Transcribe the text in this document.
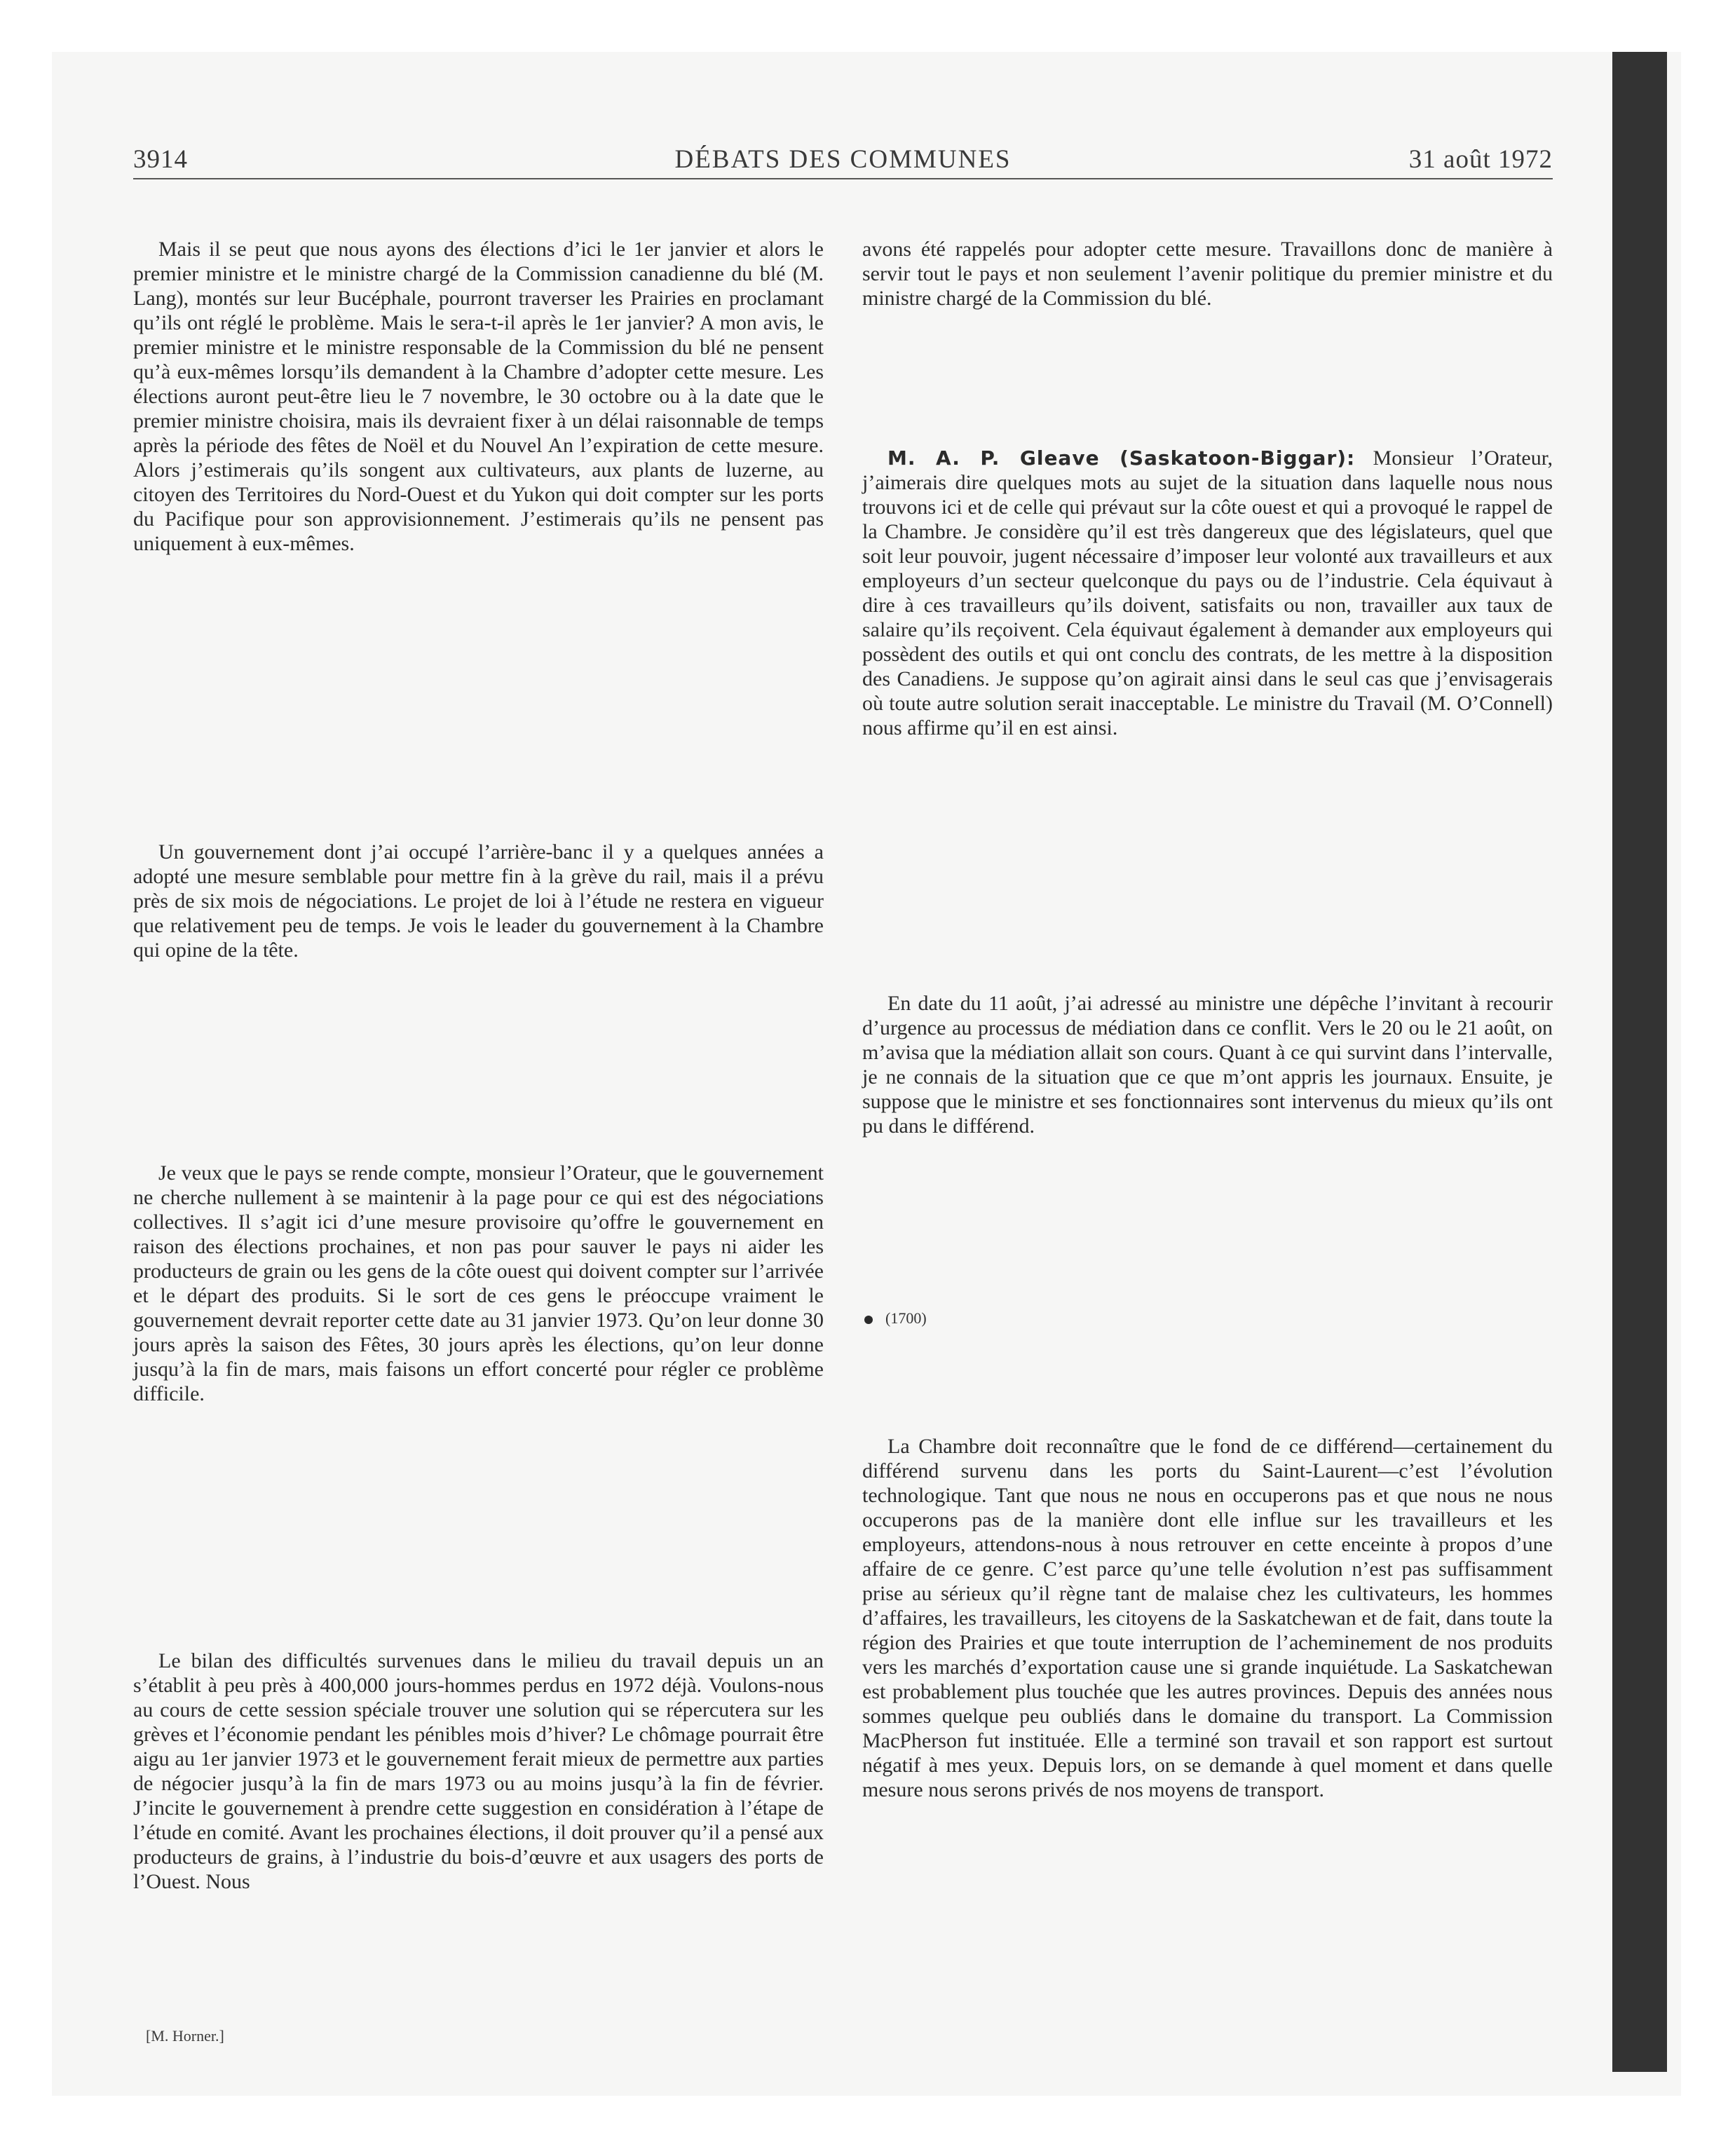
3914	DÉBATS DES COMMUNES	31 août 1972

Mais il se peut que nous ayons des élections d’ici le 1er janvier et alors le premier ministre et le ministre chargé de la Commission canadienne du blé (M. Lang), montés sur leur Bucéphale, pourront traverser les Prairies en proclamant qu’ils ont réglé le problème. Mais le sera-t-il après le 1er janvier? A mon avis, le premier ministre et le ministre responsable de la Commission du blé ne pensent qu’à eux-mêmes lorsqu’ils demandent à la Chambre d’adopter cette mesure. Les élections auront peut-être lieu le 7 novembre, le 30 octobre ou à la date que le premier ministre choisira, mais ils devraient fixer à un délai raisonnable de temps après la période des fêtes de Noël et du Nouvel An l’expiration de cette mesure. Alors j’estimerais qu’ils songent aux cultivateurs, aux plants de luzerne, au citoyen des Territoires du Nord-Ouest et du Yukon qui doit compter sur les ports du Pacifique pour son approvisionnement. J’estimerais qu’ils ne pensent pas uniquement à eux-mêmes.

Un gouvernement dont j’ai occupé l’arrière-banc il y a quelques années a adopté une mesure semblable pour mettre fin à la grève du rail, mais il a prévu près de six mois de négociations. Le projet de loi à l’étude ne restera en vigueur que relativement peu de temps. Je vois le leader du gouvernement à la Chambre qui opine de la tête.

Je veux que le pays se rende compte, monsieur l’Orateur, que le gouvernement ne cherche nullement à se maintenir à la page pour ce qui est des négociations collectives. Il s’agit ici d’une mesure provisoire qu’offre le gouvernement en raison des élections prochaines, et non pas pour sauver le pays ni aider les producteurs de grain ou les gens de la côte ouest qui doivent compter sur l’arrivée et le départ des produits. Si le sort de ces gens le préoccupe vraiment le gouvernement devrait reporter cette date au 31 janvier 1973. Qu’on leur donne 30 jours après la saison des Fêtes, 30 jours après les élections, qu’on leur donne jusqu’à la fin de mars, mais faisons un effort concerté pour régler ce problème difficile.

Le bilan des difficultés survenues dans le milieu du travail depuis un an s’établit à peu près à 400,000 jours-hommes perdus en 1972 déjà. Voulons-nous au cours de cette session spéciale trouver une solution qui se répercutera sur les grèves et l’économie pendant les pénibles mois d’hiver? Le chômage pourrait être aigu au 1er janvier 1973 et le gouvernement ferait mieux de permettre aux parties de négocier jusqu’à la fin de mars 1973 ou au moins jusqu’à la fin de février. J’incite le gouvernement à prendre cette suggestion en considération à l’étape de l’étude en comité. Avant les prochaines élections, il doit prouver qu’il a pensé aux producteurs de grains, à l’industrie du bois-d’œuvre et aux usagers des ports de l’Ouest. Nous

[M. Horner.]

avons été rappelés pour adopter cette mesure. Travaillons donc de manière à servir tout le pays et non seulement l’avenir politique du premier ministre et du ministre chargé de la Commission du blé.

M. A. P. Gleave (Saskatoon-Biggar): Monsieur l’Orateur, j’aimerais dire quelques mots au sujet de la situation dans laquelle nous nous trouvons ici et de celle qui prévaut sur la côte ouest et qui a provoqué le rappel de la Chambre. Je considère qu’il est très dangereux que des législateurs, quel que soit leur pouvoir, jugent nécessaire d’imposer leur volonté aux travailleurs et aux employeurs d’un secteur quelconque du pays ou de l’industrie. Cela équivaut à dire à ces travailleurs qu’ils doivent, satisfaits ou non, travailler aux taux de salaire qu’ils reçoivent. Cela équivaut également à demander aux employeurs qui possèdent des outils et qui ont conclu des contrats, de les mettre à la disposition des Canadiens. Je suppose qu’on agirait ainsi dans le seul cas que j’envisagerais où toute autre solution serait inacceptable. Le ministre du Travail (M. O’Connell) nous affirme qu’il en est ainsi.

En date du 11 août, j’ai adressé au ministre une dépêche l’invitant à recourir d’urgence au processus de médiation dans ce conflit. Vers le 20 ou le 21 août, on m’avisa que la médiation allait son cours. Quant à ce qui survint dans l’intervalle, je ne connais de la situation que ce que m’ont appris les journaux. Ensuite, je suppose que le ministre et ses fonctionnaires sont intervenus du mieux qu’ils ont pu dans le différend.

(1700)

La Chambre doit reconnaître que le fond de ce différend—certainement du différend survenu dans les ports du Saint-Laurent—c’est l’évolution technologique. Tant que nous ne nous en occuperons pas et que nous ne nous occuperons pas de la manière dont elle influe sur les travailleurs et les employeurs, attendons-nous à nous retrouver en cette enceinte à propos d’une affaire de ce genre. C’est parce qu’une telle évolution n’est pas suffisamment prise au sérieux qu’il règne tant de malaise chez les cultivateurs, les hommes d’affaires, les travailleurs, les citoyens de la Saskatchewan et de fait, dans toute la région des Prairies et que toute interruption de l’acheminement de nos produits vers les marchés d’exportation cause une si grande inquiétude. La Saskatchewan est probablement plus touchée que les autres provinces. Depuis des années nous sommes quelque peu oubliés dans le domaine du transport. La Commission MacPherson fut instituée. Elle a terminé son travail et son rapport est surtout négatif à mes yeux. Depuis lors, on se demande à quel moment et dans quelle mesure nous serons privés de nos moyens de transport.
